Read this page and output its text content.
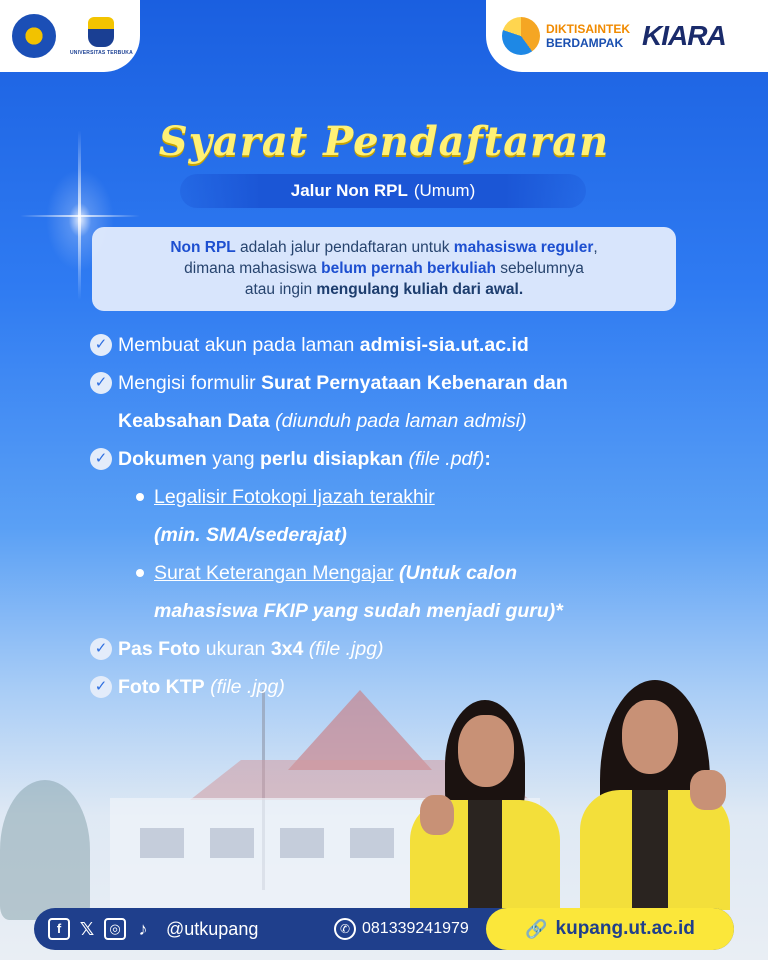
UNIVERSITAS TERBUKA
DIKTISAINTEK
BERDAMPAK KIARA
Syarat Pendaftaran
Jalur Non RPL (Umum)
Non RPL adalah jalur pendaftaran untuk mahasiswa reguler,
dimana mahasiswa belum pernah berkuliah sebelumnya
atau ingin mengulang kuliah dari awal.
✓ Membuat akun pada laman admisi-sia.ut.ac.id
✓ Mengisi formulir Surat Pernyataan Kebenaran dan
Keabsahan Data (diunduh pada laman admisi)
✓ Dokumen yang perlu disiapkan (file .pdf):
Legalisir Fotokopi Ijazah terakhir
(min. SMA/sederajat)
Surat Keterangan Mengajar (Untuk calon
mahasiswa FKIP yang sudah menjadi guru)*
✓ Pas Foto ukuran 3x4 (file .jpg)
✓ Foto KTP (file .jpg)
f	𝕏	◎ ♪	@utkupang	✆ 081339241979	🔗 kupang.ut.ac.id
